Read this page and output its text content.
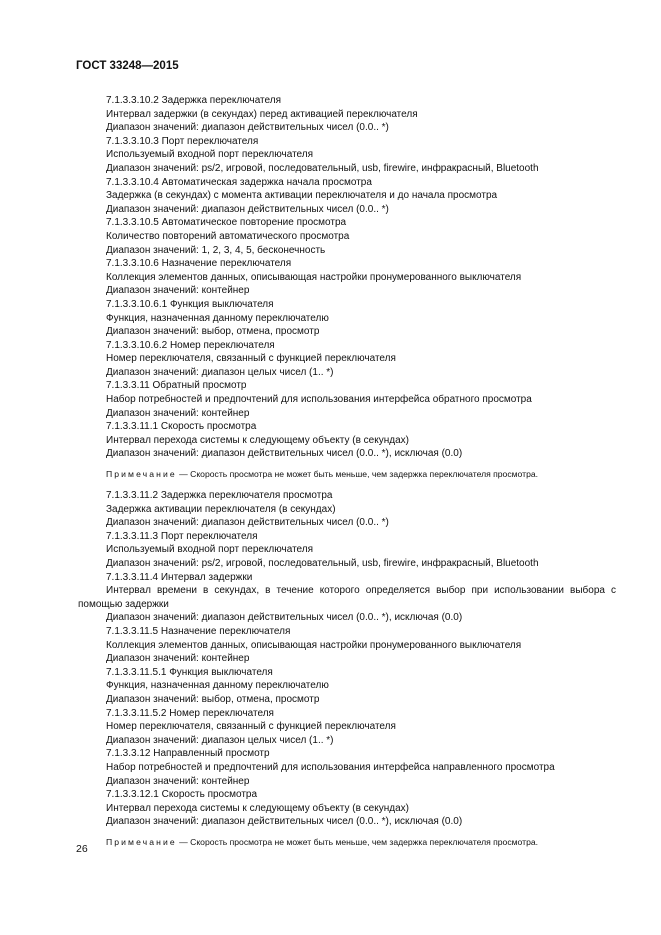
ГОСТ 33248—2015
7.1.3.3.10.2 Задержка переключателя
Интервал задержки (в секундах) перед активацией переключателя
Диапазон значений: диапазон действительных чисел (0.0.. *)
7.1.3.3.10.3 Порт переключателя
Используемый входной порт переключателя
Диапазон значений: ps/2, игровой, последовательный, usb, firewire, инфракрасный, Bluetooth
7.1.3.3.10.4 Автоматическая задержка начала просмотра
Задержка (в секундах) с момента активации переключателя и до начала просмотра
Диапазон значений: диапазон действительных чисел (0.0.. *)
7.1.3.3.10.5 Автоматическое повторение просмотра
Количество повторений автоматического просмотра
Диапазон значений: 1, 2, 3, 4, 5, бесконечность
7.1.3.3.10.6 Назначение переключателя
Коллекция элементов данных, описывающая настройки пронумерованного выключателя
Диапазон значений: контейнер
7.1.3.3.10.6.1 Функция выключателя
Функция, назначенная данному переключателю
Диапазон значений: выбор, отмена, просмотр
7.1.3.3.10.6.2 Номер переключателя
Номер переключателя, связанный с функцией переключателя
Диапазон значений: диапазон целых чисел (1.. *)
7.1.3.3.11 Обратный просмотр
Набор потребностей и предпочтений для использования интерфейса обратного просмотра
Диапазон значений: контейнер
7.1.3.3.11.1 Скорость просмотра
Интервал перехода системы к следующему объекту (в секундах)
Диапазон значений: диапазон действительных чисел (0.0.. *), исключая (0.0)
Примечание — Скорость просмотра не может быть меньше, чем задержка переключателя просмотра.
7.1.3.3.11.2 Задержка переключателя просмотра
Задержка активации переключателя (в секундах)
Диапазон значений: диапазон действительных чисел (0.0.. *)
7.1.3.3.11.3 Порт переключателя
Используемый входной порт переключателя
Диапазон значений: ps/2, игровой, последовательный, usb, firewire, инфракрасный, Bluetooth
7.1.3.3.11.4 Интервал задержки
Интервал времени в секундах, в течение которого определяется выбор при использовании выбора с помощью задержки
Диапазон значений: диапазон действительных чисел (0.0.. *), исключая (0.0)
7.1.3.3.11.5 Назначение переключателя
Коллекция элементов данных, описывающая настройки пронумерованного выключателя
Диапазон значений: контейнер
7.1.3.3.11.5.1 Функция выключателя
Функция, назначенная данному переключателю
Диапазон значений: выбор, отмена, просмотр
7.1.3.3.11.5.2 Номер переключателя
Номер переключателя, связанный с функцией переключателя
Диапазон значений: диапазон целых чисел (1.. *)
7.1.3.3.12 Направленный просмотр
Набор потребностей и предпочтений для использования интерфейса направленного просмотра
Диапазон значений: контейнер
7.1.3.3.12.1 Скорость просмотра
Интервал перехода системы к следующему объекту (в секундах)
Диапазон значений: диапазон действительных чисел (0.0.. *), исключая (0.0)
Примечание — Скорость просмотра не может быть меньше, чем задержка переключателя просмотра.
26
